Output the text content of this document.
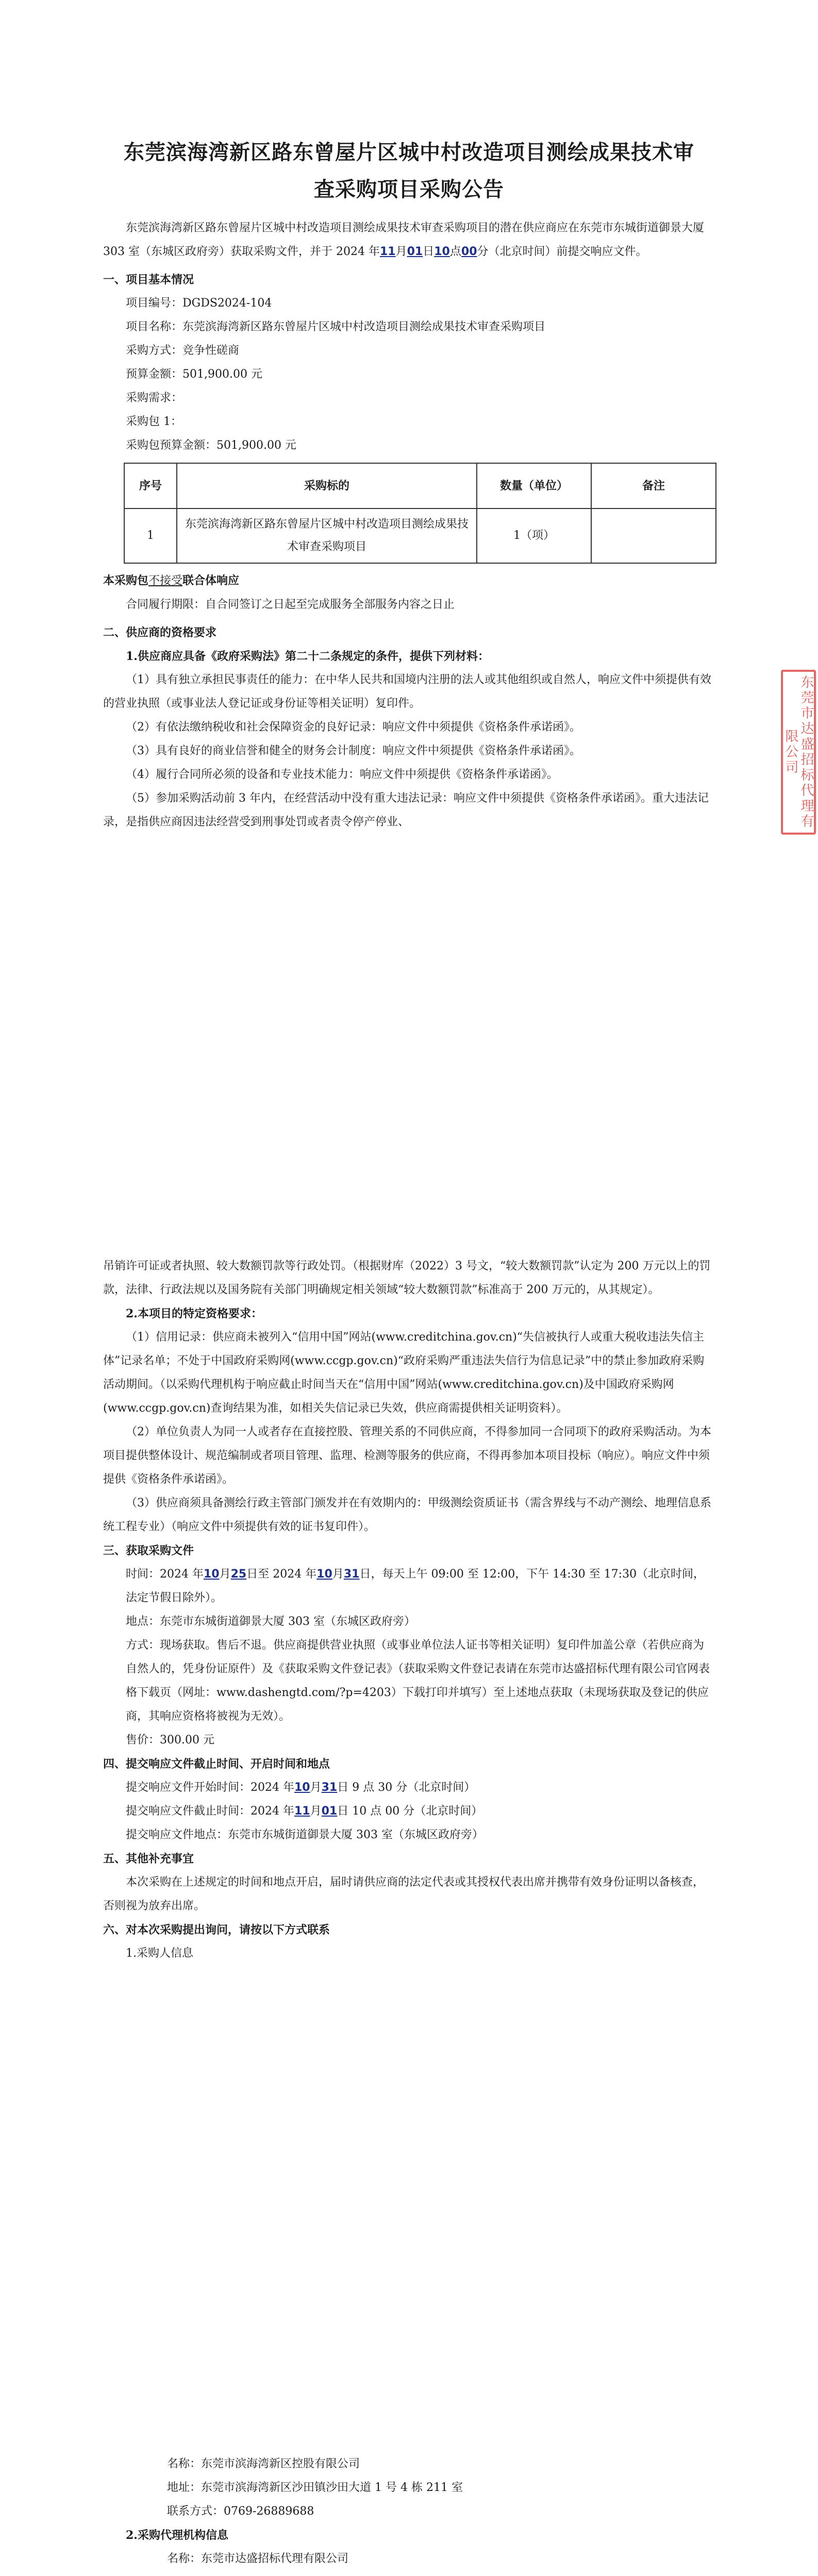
东莞滨海湾新区路东曾屋片区城中村改造项目测绘成果技术审查采购项目采购公告

东莞滨海湾新区路东曾屋片区城中村改造项目测绘成果技术审查采购项目的潜在供应商应在东莞市东城街道御景大厦 303 室（东城区政府旁）获取采购文件，并于 2024 年11月01日10点00分（北京时间）前提交响应文件。

一、项目基本情况

项目编号：DGDS2024-104

项目名称：东莞滨海湾新区路东曾屋片区城中村改造项目测绘成果技术审查采购项目

采购方式：竞争性磋商

预算金额：501,900.00 元

采购需求：

采购包 1：

采购包预算金额：501,900.00 元

序号	采购标的	数量（单位）	备注
1	东莞滨海湾新区路东曾屋片区城中村改造项目测绘成果技术审查采购项目	1（项）	

本采购包不接受联合体响应

合同履行期限：自合同签订之日起至完成服务全部服务内容之日止

二、供应商的资格要求

1.供应商应具备《政府采购法》第二十二条规定的条件，提供下列材料：

（1）具有独立承担民事责任的能力：在中华人民共和国境内注册的法人或其他组织或自然人，响应文件中须提供有效的营业执照（或事业法人登记证或身份证等相关证明）复印件。

（2）有依法缴纳税收和社会保障资金的良好记录：响应文件中须提供《资格条件承诺函》。

（3）具有良好的商业信誉和健全的财务会计制度：响应文件中须提供《资格条件承诺函》。

（4）履行合同所必须的设备和专业技术能力：响应文件中须提供《资格条件承诺函》。

（5）参加采购活动前 3 年内，在经营活动中没有重大违法记录：响应文件中须提供《资格条件承诺函》。重大违法记录，是指供应商因违法经营受到刑事处罚或者责令停产停业、	东莞市达盛招标代理有限公司

吊销许可证或者执照、较大数额罚款等行政处罚。（根据财库（2022）3 号文，“较大数额罚款”认定为 200 万元以上的罚款，法律、行政法规以及国务院有关部门明确规定相关领域“较大数额罚款”标准高于 200 万元的，从其规定）。

2.本项目的特定资格要求：

（1）信用记录：供应商未被列入“信用中国”网站(www.creditchina.gov.cn)“失信被执行人或重大税收违法失信主体”记录名单；不处于中国政府采购网(www.ccgp.gov.cn)“政府采购严重违法失信行为信息记录”中的禁止参加政府采购活动期间。（以采购代理机构于响应截止时间当天在“信用中国”网站(www.creditchina.gov.cn)及中国政府采购网(www.ccgp.gov.cn)查询结果为准，如相关失信记录已失效，供应商需提供相关证明资料）。

（2）单位负责人为同一人或者存在直接控股、管理关系的不同供应商，不得参加同一合同项下的政府采购活动。为本项目提供整体设计、规范编制或者项目管理、监理、检测等服务的供应商，不得再参加本项目投标（响应）。响应文件中须提供《资格条件承诺函》。

（3）供应商须具备测绘行政主管部门颁发并在有效期内的：甲级测绘资质证书（需含界线与不动产测绘、地理信息系统工程专业）（响应文件中须提供有效的证书复印件）。

三、获取采购文件

时间：2024 年10月25日至 2024 年10月31日，每天上午 09:00 至 12:00，下午 14:30 至 17:30（北京时间，法定节假日除外）。

地点：东莞市东城街道御景大厦 303 室（东城区政府旁）

方式：现场获取。售后不退。供应商提供营业执照（或事业单位法人证书等相关证明）复印件加盖公章（若供应商为自然人的，凭身份证原件）及《获取采购文件登记表》（获取采购文件登记表请在东莞市达盛招标代理有限公司官网表格下载页（网址：www.dashengtd.com/?p=4203）下载打印并填写）至上述地点获取（未现场获取及登记的供应商，其响应资格将被视为无效）。

售价：300.00 元

四、提交响应文件截止时间、开启时间和地点

提交响应文件开始时间：2024 年10月31日 9 点 30 分（北京时间）

提交响应文件截止时间：2024 年11月01日 10 点 00 分（北京时间）

提交响应文件地点：东莞市东城街道御景大厦 303 室（东城区政府旁）

五、其他补充事宜

本次采购在上述规定的时间和地点开启，届时请供应商的法定代表或其授权代表出席并携带有效身份证明以备核查，否则视为放弃出席。

六、对本次采购提出询问，请按以下方式联系

1.采购人信息

名称：东莞市滨海湾新区控股有限公司

地址：东莞市滨海湾新区沙田镇沙田大道 1 号 4 栋 211 室

联系方式：0769-26889688

2.采购代理机构信息

名称：东莞市达盛招标代理有限公司
